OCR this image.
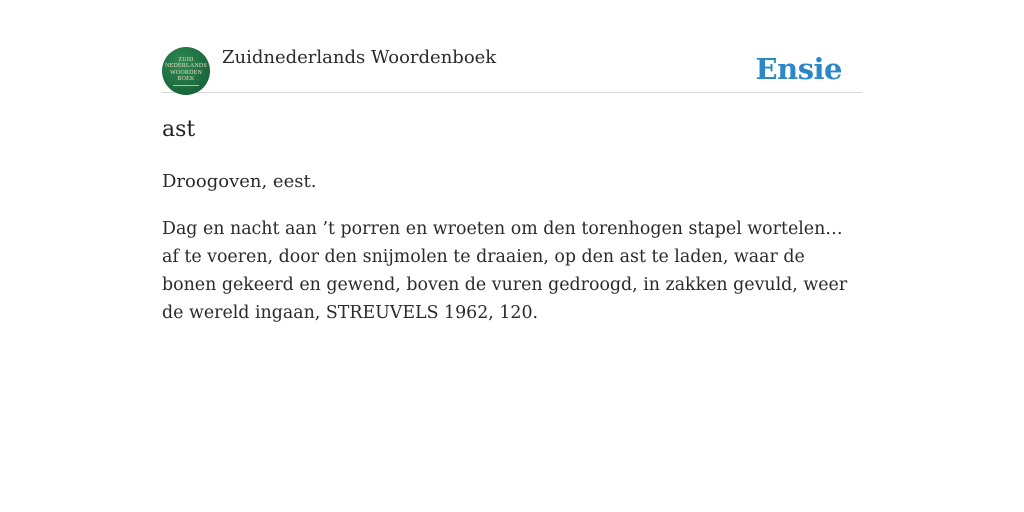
ZUID
NEDERLANDS
WOORDEN
BOEK
Zuidnederlands Woordenboek	Ensie
ast

Droogoven, eest.

Dag en nacht aan ’t porren en wroeten om den torenhogen stapel wortelen… af te voeren, door den snijmolen te draaien, op den ast te laden, waar de bonen gekeerd en gewend, boven de vuren gedroogd, in zakken gevuld, weer de wereld ingaan, STREUVELS 1962, 120.
